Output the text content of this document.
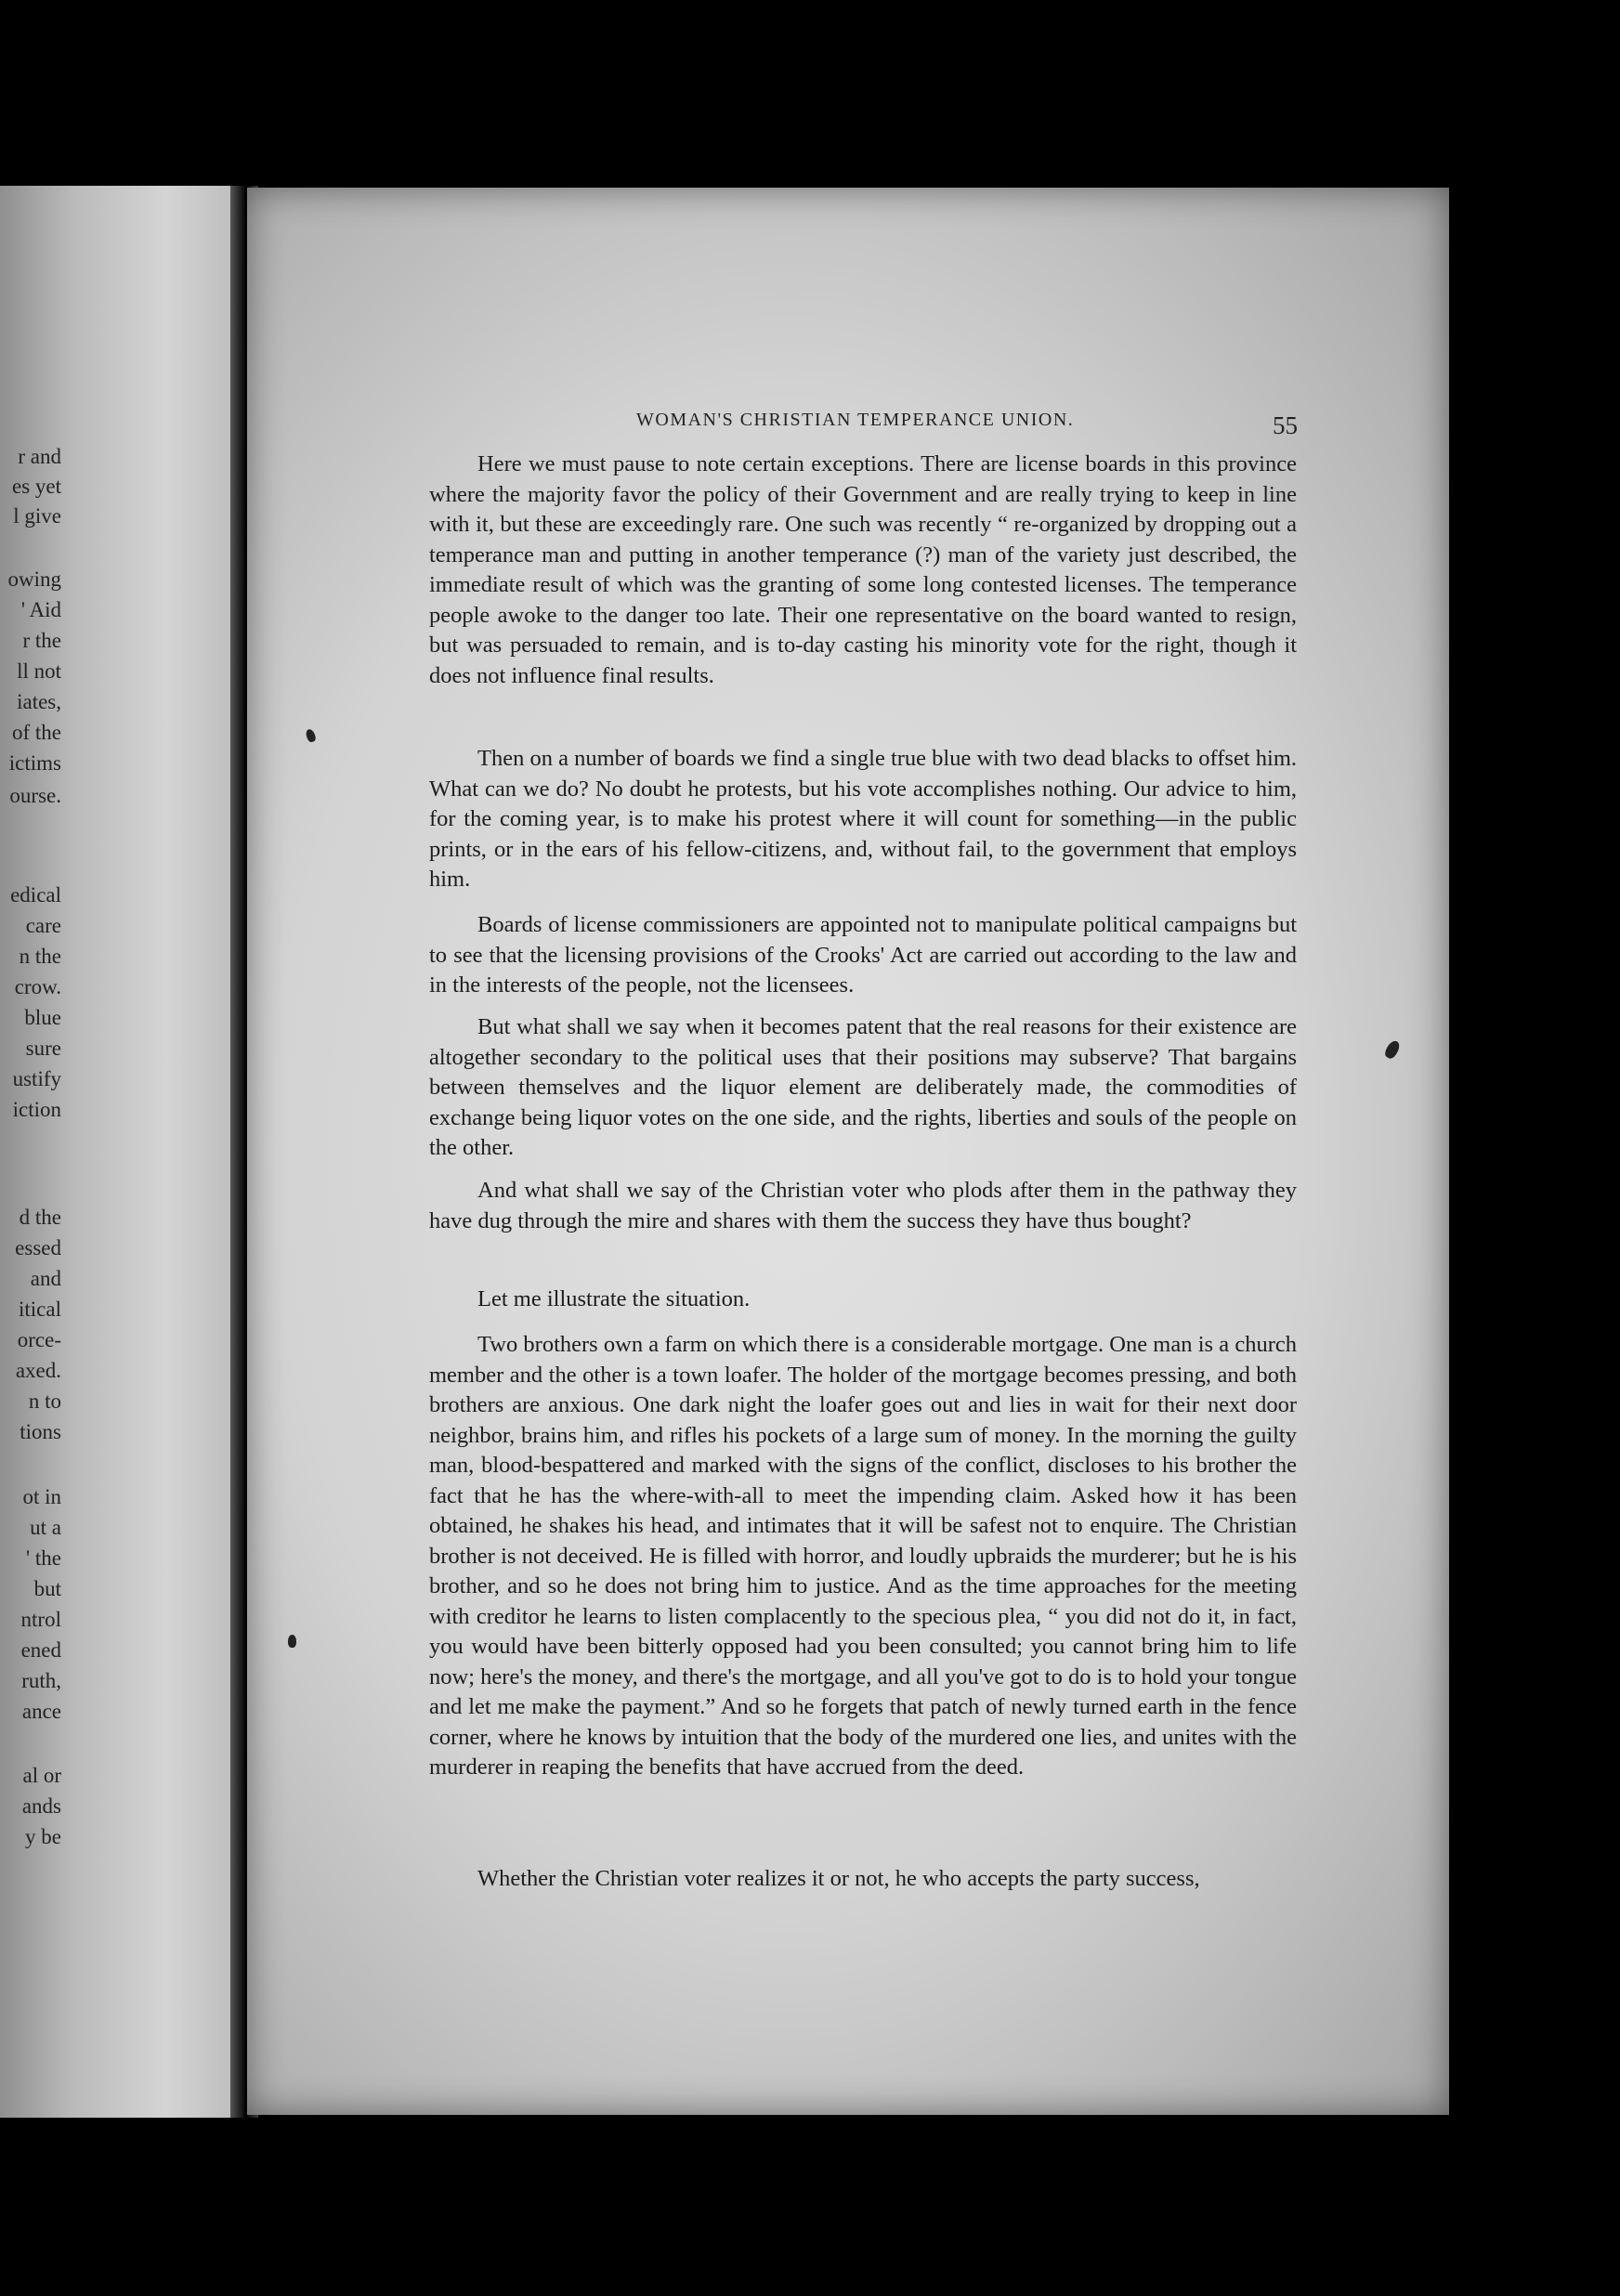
r and
es yet
l give
owing
' Aid
r the
ll not
iates,
of the
ictims
ourse.
edical
care
n the
crow.
blue
sure
ustify
iction
d the
essed
and
itical
orce-
axed.
n to
tions
ot in
ut a
' the
but
ntrol
ened
ruth,
ance
al or
ands
y be
WOMAN'S CHRISTIAN TEMPERANCE UNION.	55
Here we must pause to note certain exceptions. There are license boards in this province where the majority favor the policy of their Government and are really trying to keep in line with it, but these are exceedingly rare. One such was recently “ re-organized by dropping out a temperance man and putting in another temperance (?) man of the variety just described, the immediate result of which was the granting of some long contested licenses. The temperance people awoke to the danger too late. Their one representative on the board wanted to resign, but was persuaded to remain, and is to-day casting his minority vote for the right, though it does not influence final results.
Then on a number of boards we find a single true blue with two dead blacks to offset him. What can we do? No doubt he protests, but his vote accomplishes nothing. Our advice to him, for the coming year, is to make his protest where it will count for something—in the public prints, or in the ears of his fellow-citizens, and, without fail, to the government that employs him.
Boards of license commissioners are appointed not to manipulate political campaigns but to see that the licensing provisions of the Crooks' Act are carried out according to the law and in the interests of the people, not the licensees.
But what shall we say when it becomes patent that the real reasons for their existence are altogether secondary to the political uses that their positions may subserve? That bargains between themselves and the liquor element are deliberately made, the commodities of exchange being liquor votes on the one side, and the rights, liberties and souls of the people on the other.
And what shall we say of the Christian voter who plods after them in the pathway they have dug through the mire and shares with them the success they have thus bought?
Let me illustrate the situation.
Two brothers own a farm on which there is a considerable mortgage. One man is a church member and the other is a town loafer. The holder of the mortgage becomes pressing, and both brothers are anxious. One dark night the loafer goes out and lies in wait for their next door neighbor, brains him, and rifles his pockets of a large sum of money. In the morning the guilty man, blood-bespattered and marked with the signs of the conflict, discloses to his brother the fact that he has the where-with-all to meet the impending claim. Asked how it has been obtained, he shakes his head, and intimates that it will be safest not to enquire. The Christian brother is not deceived. He is filled with horror, and loudly upbraids the murderer; but he is his brother, and so he does not bring him to justice. And as the time approaches for the meeting with creditor he learns to listen complacently to the specious plea, “ you did not do it, in fact, you would have been bitterly opposed had you been consulted; you cannot bring him to life now; here's the money, and there's the mortgage, and all you've got to do is to hold your tongue and let me make the payment.” And so he forgets that patch of newly turned earth in the fence corner, where he knows by intuition that the body of the murdered one lies, and unites with the murderer in reaping the benefits that have accrued from the deed.
Whether the Christian voter realizes it or not, he who accepts the party success,
